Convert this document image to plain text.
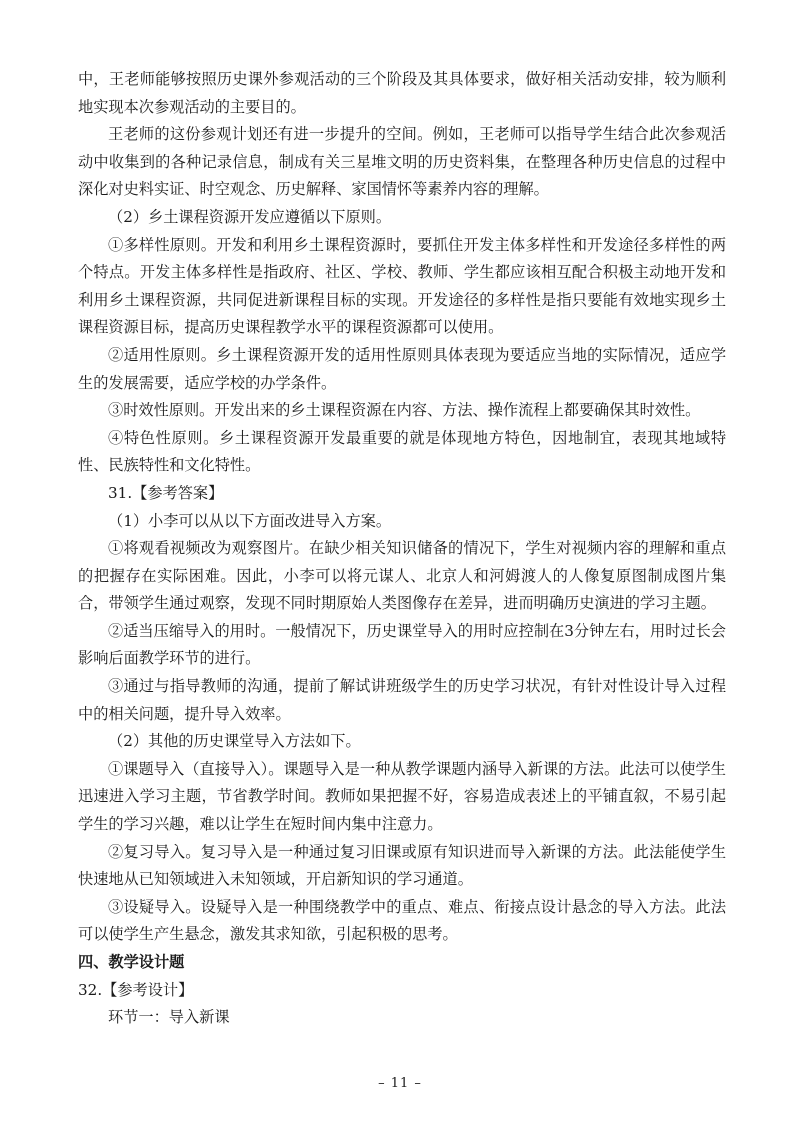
中，王老师能够按照历史课外参观活动的三个阶段及其具体要求，做好相关活动安排，较为顺利地实现本次参观活动的主要目的。

王老师的这份参观计划还有进一步提升的空间。例如，王老师可以指导学生结合此次参观活动中收集到的各种记录信息，制成有关三星堆文明的历史资料集，在整理各种历史信息的过程中深化对史料实证、时空观念、历史解释、家国情怀等素养内容的理解。

（2）乡土课程资源开发应遵循以下原则。

①多样性原则。开发和利用乡土课程资源时，要抓住开发主体多样性和开发途径多样性的两个特点。开发主体多样性是指政府、社区、学校、教师、学生都应该相互配合积极主动地开发和利用乡土课程资源，共同促进新课程目标的实现。开发途径的多样性是指只要能有效地实现乡土课程资源目标，提高历史课程教学水平的课程资源都可以使用。

②适用性原则。乡土课程资源开发的适用性原则具体表现为要适应当地的实际情况，适应学生的发展需要，适应学校的办学条件。

③时效性原则。开发出来的乡土课程资源在内容、方法、操作流程上都要确保其时效性。

④特色性原则。乡土课程资源开发最重要的就是体现地方特色，因地制宜，表现其地域特性、民族特性和文化特性。

31.【参考答案】

（1）小李可以从以下方面改进导入方案。

①将观看视频改为观察图片。在缺少相关知识储备的情况下，学生对视频内容的理解和重点的把握存在实际困难。因此，小李可以将元谋人、北京人和河姆渡人的人像复原图制成图片集合，带领学生通过观察，发现不同时期原始人类图像存在差异，进而明确历史演进的学习主题。

②适当压缩导入的用时。一般情况下，历史课堂导入的用时应控制在3分钟左右，用时过长会影响后面教学环节的进行。

③通过与指导教师的沟通，提前了解试讲班级学生的历史学习状况，有针对性设计导入过程中的相关问题，提升导入效率。

（2）其他的历史课堂导入方法如下。

①课题导入（直接导入）。课题导入是一种从教学课题内涵导入新课的方法。此法可以使学生迅速进入学习主题，节省教学时间。教师如果把握不好，容易造成表述上的平铺直叙，不易引起学生的学习兴趣，难以让学生在短时间内集中注意力。

②复习导入。复习导入是一种通过复习旧课或原有知识进而导入新课的方法。此法能使学生快速地从已知领域进入未知领域，开启新知识的学习通道。

③设疑导入。设疑导入是一种围绕教学中的重点、难点、衔接点设计悬念的导入方法。此法可以使学生产生悬念，激发其求知欲，引起积极的思考。

四、教学设计题

32.【参考设计】

环节一：导入新课

– 11 –
